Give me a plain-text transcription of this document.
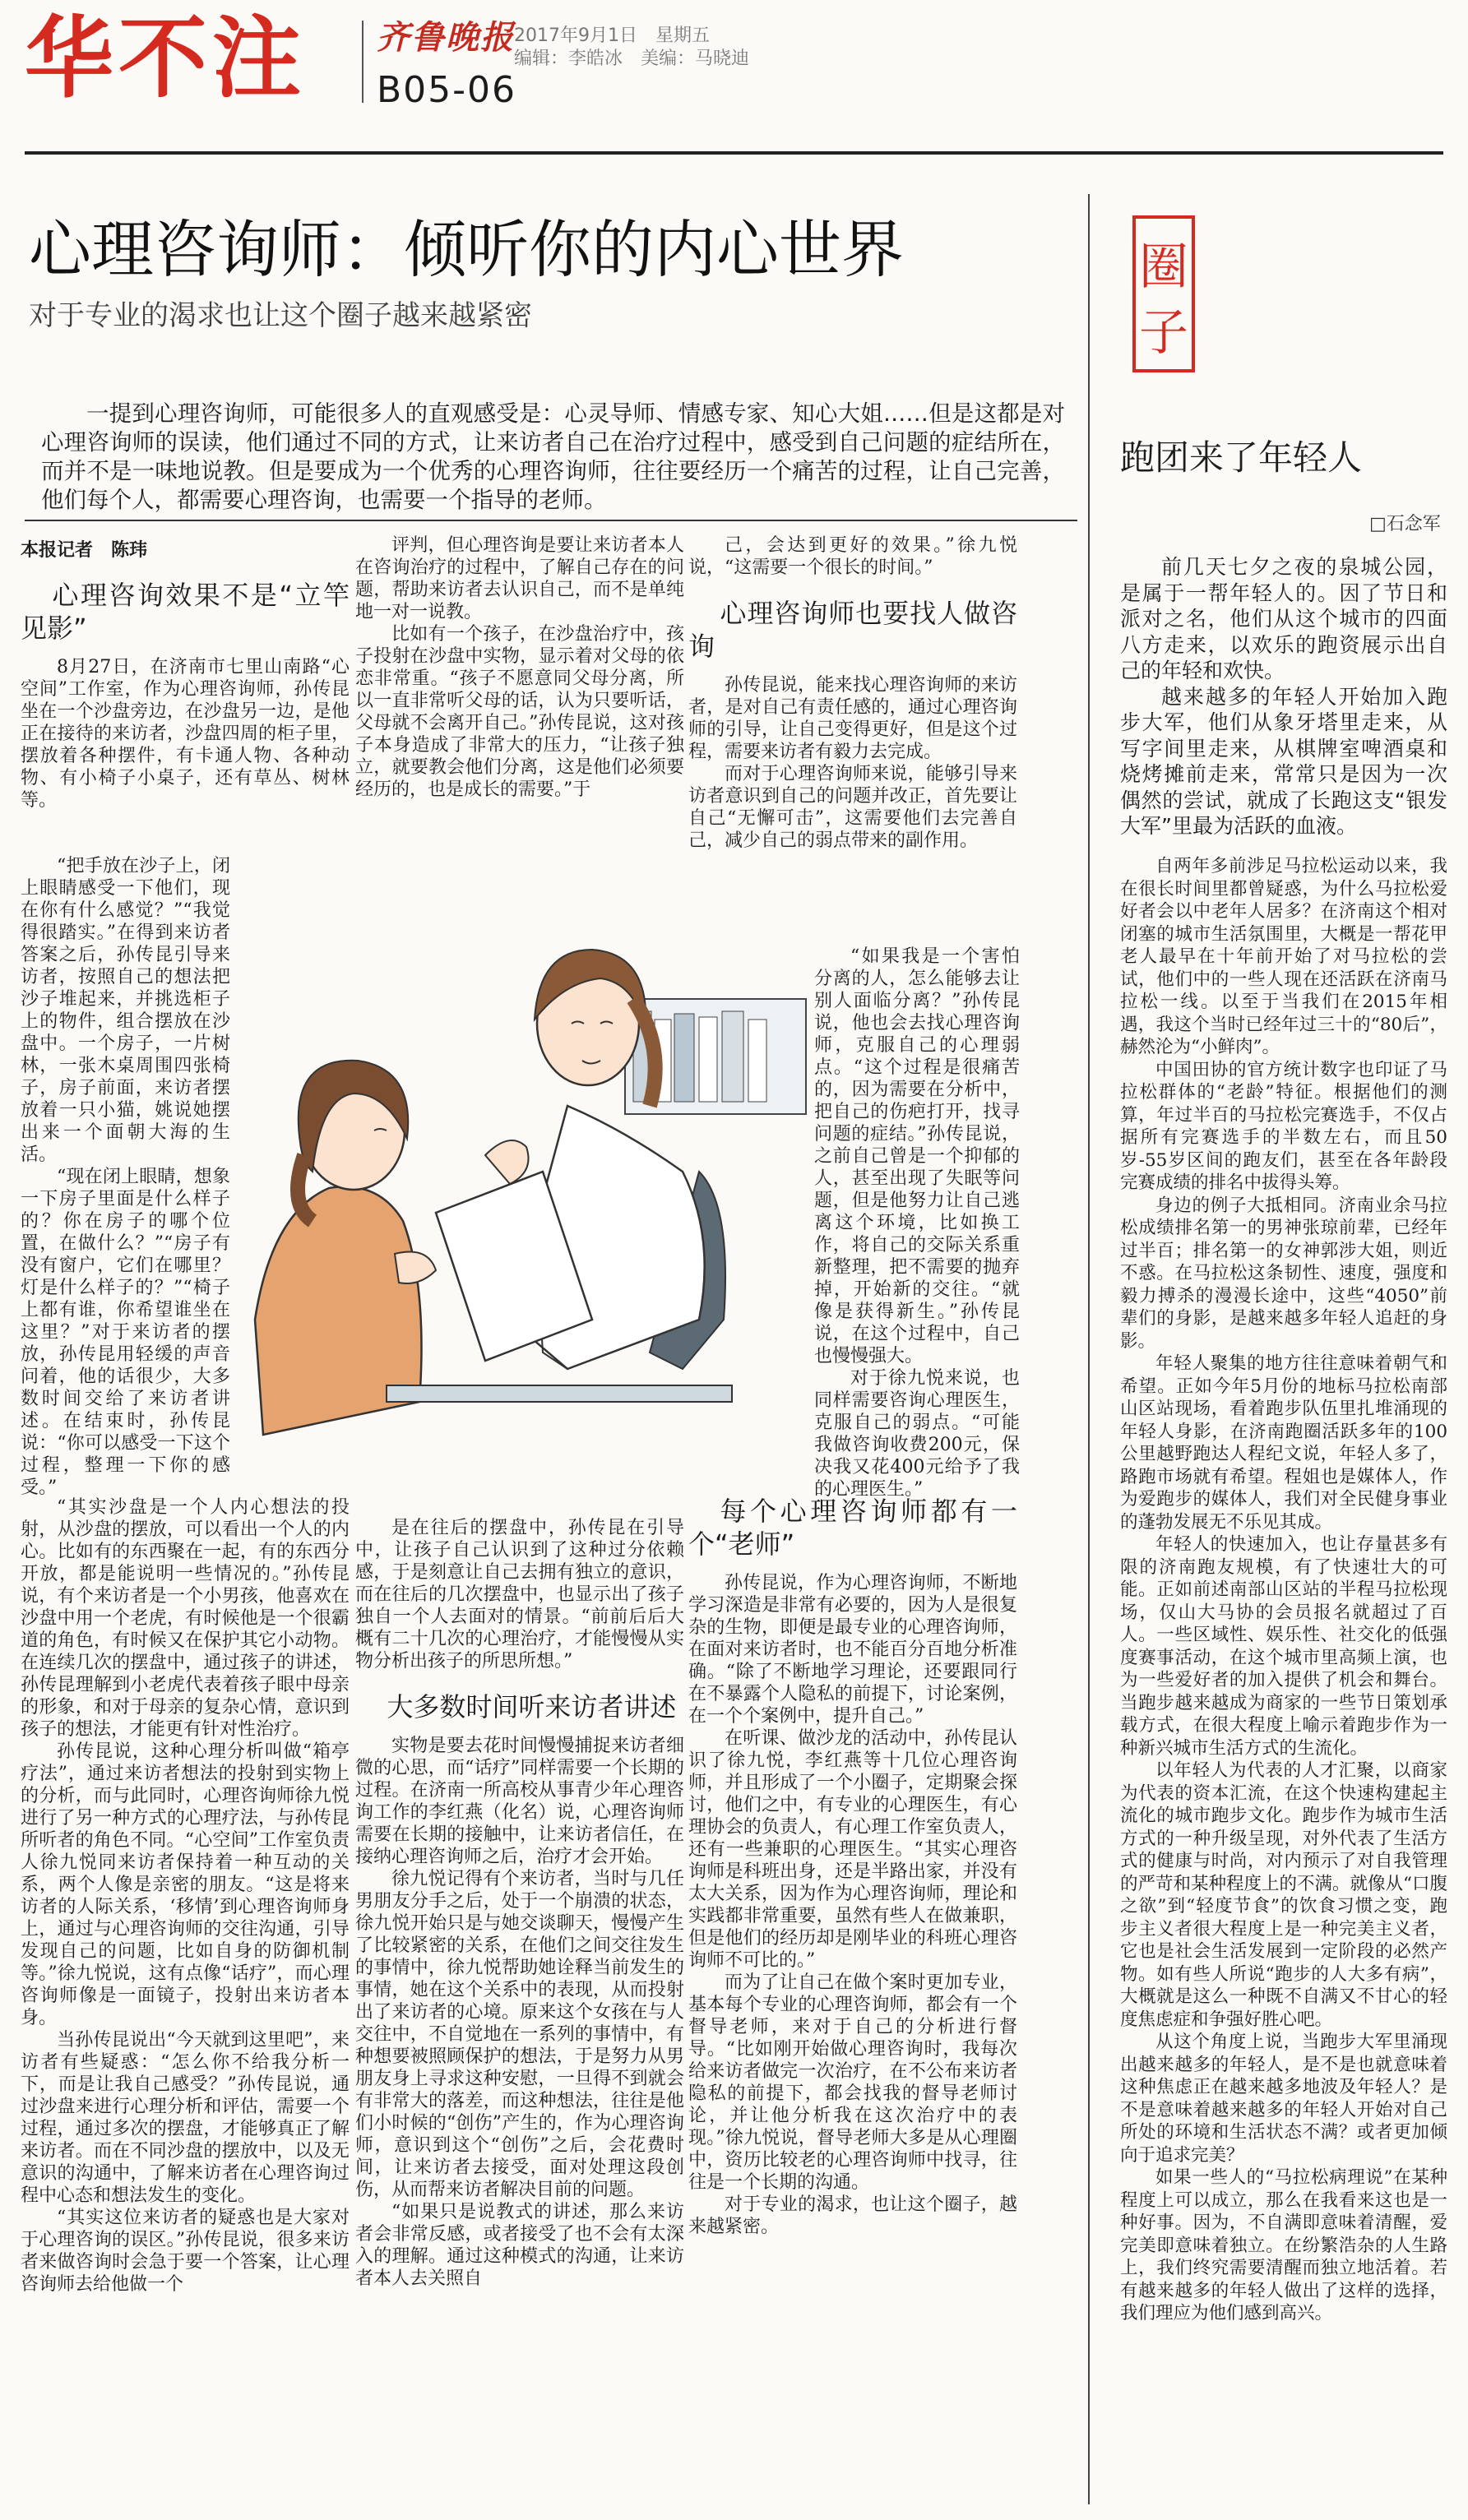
华不注	齐鲁晚报
B05-06
2017年9月1日　星期五
编辑：李皓冰　美编：马晓迪
心理咨询师：倾听你的内心世界
对于专业的渴求也让这个圈子越来越紧密
一提到心理咨询师，可能很多人的直观感受是：心灵导师、情感专家、知心大姐……但是这都是对心理咨询师的误读，他们通过不同的方式，让来访者自己在治疗过程中，感受到自己问题的症结所在，而并不是一味地说教。但是要成为一个优秀的心理咨询师，往往要经历一个痛苦的过程，让自己完善，他们每个人，都需要心理咨询，也需要一个指导的老师。
本报记者　陈玮
心理咨询效果不是“立竿见影”

8月27日，在济南市七里山南路“心空间”工作室，作为心理咨询师，孙传昆坐在一个沙盘旁边，在沙盘另一边，是他正在接待的来访者，沙盘四周的柜子里，摆放着各种摆件，有卡通人物、各种动物、有小椅子小桌子，还有草丛、树林等。

“把手放在沙子上，闭上眼睛感受一下他们，现在你有什么感觉？”“我觉得很踏实。”在得到来访者答案之后，孙传昆引导来访者，按照自己的想法把沙子堆起来，并挑选柜子上的物件，组合摆放在沙盘中。一个房子，一片树林，一张木桌周围四张椅子，房子前面，来访者摆放着一只小猫，姚说她摆出来一个面朝大海的生活。

“现在闭上眼睛，想象一下房子里面是什么样子的？你在房子的哪个位置，在做什么？”“房子有没有窗户，它们在哪里？灯是什么样子的？”“椅子上都有谁，你希望谁坐在这里？”对于来访者的摆放，孙传昆用轻缓的声音问着，他的话很少，大多数时间交给了来访者讲述。在结束时，孙传昆说：“你可以感受一下这个过程，整理一下你的感受。”

“其实沙盘是一个人内心想法的投射，从沙盘的摆放，可以看出一个人的内心。比如有的东西聚在一起，有的东西分开放，都是能说明一些情况的。”孙传昆说，有个来访者是一个小男孩，他喜欢在沙盘中用一个老虎，有时候他是一个很霸道的角色，有时候又在保护其它小动物。在连续几次的摆盘中，通过孩子的讲述，孙传昆理解到小老虎代表着孩子眼中母亲的形象，和对于母亲的复杂心情，意识到孩子的想法，才能更有针对性治疗。

孙传昆说，这种心理分析叫做“箱亭疗法”，通过来访者想法的投射到实物上的分析，而与此同时，心理咨询师徐九悦进行了另一种方式的心理疗法，与孙传昆所听者的角色不同。“心空间”工作室负责人徐九悦同来访者保持着一种互动的关系，两个人像是亲密的朋友。“这是将来访者的人际关系，‘移情’到心理咨询师身上，通过与心理咨询师的交往沟通，引导发现自己的问题，比如自身的防御机制等。”徐九悦说，这有点像“话疗”，而心理咨询师像是一面镜子，投射出来访者本身。

当孙传昆说出“今天就到这里吧”，来访者有些疑惑：“怎么你不给我分析一下，而是让我自己感受？”孙传昆说，通过沙盘来进行心理分析和评估，需要一个过程，通过多次的摆盘，才能够真正了解来访者。而在不同沙盘的摆放中，以及无意识的沟通中，了解来访者在心理咨询过程中心态和想法发生的变化。

“其实这位来访者的疑惑也是大家对于心理咨询的误区。”孙传昆说，很多来访者来做咨询时会急于要一个答案，让心理咨询师去给他做一个

评判，但心理咨询是要让来访者本人在咨询治疗的过程中，了解自己存在的问题，帮助来访者去认识自己，而不是单纯地一对一说教。

比如有一个孩子，在沙盘治疗中，孩子投射在沙盘中实物，显示着对父母的依恋非常重。“孩子不愿意同父母分离，所以一直非常听父母的话，认为只要听话，父母就不会离开自己。”孙传昆说，这对孩子本身造成了非常大的压力，“让孩子独立，就要教会他们分离，这是他们必须要经历的，也是成长的需要。”于

是在往后的摆盘中，孙传昆在引导中，让孩子自己认识到了这种过分依赖感，于是刻意让自己去拥有独立的意识，而在往后的几次摆盘中，也显示出了孩子独自一个人去面对的情景。“前前后后大概有二十几次的心理治疗，才能慢慢从实物分析出孩子的所思所想。”

大多数时间听来访者讲述

实物是要去花时间慢慢捕捉来访者细微的心思，而“话疗”同样需要一个长期的过程。在济南一所高校从事青少年心理咨询工作的李红燕（化名）说，心理咨询师需要在长期的接触中，让来访者信任，在接纳心理咨询师之后，治疗才会开始。

徐九悦记得有个来访者，当时与几任男朋友分手之后，处于一个崩溃的状态，徐九悦开始只是与她交谈聊天，慢慢产生了比较紧密的关系，在他们之间交往发生的事情中，徐九悦帮助她诠释当前发生的事情，她在这个关系中的表现，从而投射出了来访者的心境。原来这个女孩在与人交往中，不自觉地在一系列的事情中，有种想要被照顾保护的想法，于是努力从男朋友身上寻求这种安慰，一旦得不到就会有非常大的落差，而这种想法，往往是他们小时候的“创伤”产生的，作为心理咨询师，意识到这个“创伤”之后，会花费时间，让来访者去接受，面对处理这段创伤，从而帮来访者解决目前的问题。

“如果只是说教式的讲述，那么来访者会非常反感，或者接受了也不会有太深入的理解。通过这种模式的沟通，让来访者本人去关照自

己，会达到更好的效果。”徐九悦说，“这需要一个很长的时间。”

心理咨询师也要找人做咨询

孙传昆说，能来找心理咨询师的来访者，是对自己有责任感的，通过心理咨询师的引导，让自己变得更好，但是这个过程，需要来访者有毅力去完成。

而对于心理咨询师来说，能够引导来访者意识到自己的问题并改正，首先要让自己“无懈可击”，这需要他们去完善自己，减少自己的弱点带来的副作用。

“如果我是一个害怕分离的人，怎么能够去让别人面临分离？”孙传昆说，他也会去找心理咨询师，克服自己的心理弱点。“这个过程是很痛苦的，因为需要在分析中，把自己的伤疤打开，找寻问题的症结。”孙传昆说，之前自己曾是一个抑郁的人，甚至出现了失眠等问题，但是他努力让自己逃离这个环境，比如换工作，将自己的交际关系重新整理，把不需要的抛弃掉，开始新的交往。“就像是获得新生。”孙传昆说，在这个过程中，自己也慢慢强大。

对于徐九悦来说，也同样需要咨询心理医生，克服自己的弱点。“可能我做咨询收费200元，保决我又花400元给予了我的心理医生。”

每个心理咨询师都有一个“老师”

孙传昆说，作为心理咨询师，不断地学习深造是非常有必要的，因为人是很复杂的生物，即便是最专业的心理咨询师，在面对来访者时，也不能百分百地分析准确。“除了不断地学习理论，还要跟同行在不暴露个人隐私的前提下，讨论案例，在一个个案例中，提升自己。”

在听课、做沙龙的活动中，孙传昆认识了徐九悦，李红燕等十几位心理咨询师，并且形成了一个小圈子，定期聚会探讨，他们之中，有专业的心理医生，有心理协会的负责人，有心理工作室负责人，还有一些兼职的心理医生。“其实心理咨询师是科班出身，还是半路出家，并没有太大关系，因为作为心理咨询师，理论和实践都非常重要，虽然有些人在做兼职，但是他们的经历却是刚毕业的科班心理咨询师不可比的。”

而为了让自己在做个案时更加专业，基本每个专业的心理咨询师，都会有一个督导老师，来对于自己的分析进行督导。“比如刚开始做心理咨询时，我每次给来访者做完一次治疗，在不公布来访者隐私的前提下，都会找我的督导老师讨论，并让他分析我在这次治疗中的表现。”徐九悦说，督导老师大多是从心理圈中，资历比较老的心理咨询师中找寻，往往是一个长期的沟通。

对于专业的渴求，也让这个圈子，越来越紧密。

圈
子
跑团来了年轻人
□石念军

前几天七夕之夜的泉城公园，是属于一帮年轻人的。因了节日和派对之名，他们从这个城市的四面八方走来，以欢乐的跑资展示出自己的年轻和欢快。

越来越多的年轻人开始加入跑步大军，他们从象牙塔里走来，从写字间里走来，从棋牌室啤酒桌和烧烤摊前走来，常常只是因为一次偶然的尝试，就成了长跑这支“银发大军”里最为活跃的血液。

自两年多前涉足马拉松运动以来，我在很长时间里都曾疑惑，为什么马拉松爱好者会以中老年人居多？在济南这个相对闭塞的城市生活氛围里，大概是一帮花甲老人最早在十年前开始了对马拉松的尝试，他们中的一些人现在还活跃在济南马拉松一线。以至于当我们在2015年相遇，我这个当时已经年过三十的“80后”，赫然沦为“小鲜肉”。

中国田协的官方统计数字也印证了马拉松群体的“老龄”特征。根据他们的测算，年过半百的马拉松完赛选手，不仅占据所有完赛选手的半数左右，而且50岁-55岁区间的跑友们，甚至在各年龄段完赛成绩的排名中拔得头筹。

身边的例子大抵相同。济南业余马拉松成绩排名第一的男神张琼前辈，已经年过半百；排名第一的女神郭涉大姐，则近不惑。在马拉松这条韧性、速度，强度和毅力搏杀的漫漫长途中，这些“4050”前辈们的身影，是越来越多年轻人追赶的身影。

年轻人聚集的地方往往意味着朝气和希望。正如今年5月份的地标马拉松南部山区站现场，看着跑步队伍里扎堆涌现的年轻人身影，在济南跑圈活跃多年的100公里越野跑达人程纪文说，年轻人多了，路跑市场就有希望。程姐也是媒体人，作为爱跑步的媒体人，我们对全民健身事业的蓬勃发展无不乐见其成。

年轻人的快速加入，也让存量甚多有限的济南跑友规模，有了快速壮大的可能。正如前述南部山区站的半程马拉松现场，仅山大马协的会员报名就超过了百人。一些区域性、娱乐性、社交化的低强度赛事活动，在这个城市里高频上演，也为一些爱好者的加入提供了机会和舞台。当跑步越来越成为商家的一些节日策划承载方式，在很大程度上喻示着跑步作为一种新兴城市生活方式的生流化。

以年轻人为代表的人才汇聚，以商家为代表的资本汇流，在这个快速构建起主流化的城市跑步文化。跑步作为城市生活方式的一种升级呈现，对外代表了生活方式的健康与时尚，对内预示了对自我管理的严苛和某种程度上的不满。就像从“口腹之欲”到“轻度节食”的饮食习惯之变，跑步主义者很大程度上是一种完美主义者，它也是社会生活发展到一定阶段的必然产物。如有些人所说“跑步的人大多有病”，大概就是这么一种既不自满又不甘心的轻度焦虑症和争强好胜心吧。

从这个角度上说，当跑步大军里涌现出越来越多的年轻人，是不是也就意味着这种焦虑正在越来越多地波及年轻人？是不是意味着越来越多的年轻人开始对自己所处的环境和生活状态不满？或者更加倾向于追求完美？

如果一些人的“马拉松病理说”在某种程度上可以成立，那么在我看来这也是一种好事。因为，不自满即意味着清醒，爱完美即意味着独立。在纷繁浩杂的人生路上，我们终究需要清醒而独立地活着。若有越来越多的年轻人做出了这样的选择，我们理应为他们感到高兴。
